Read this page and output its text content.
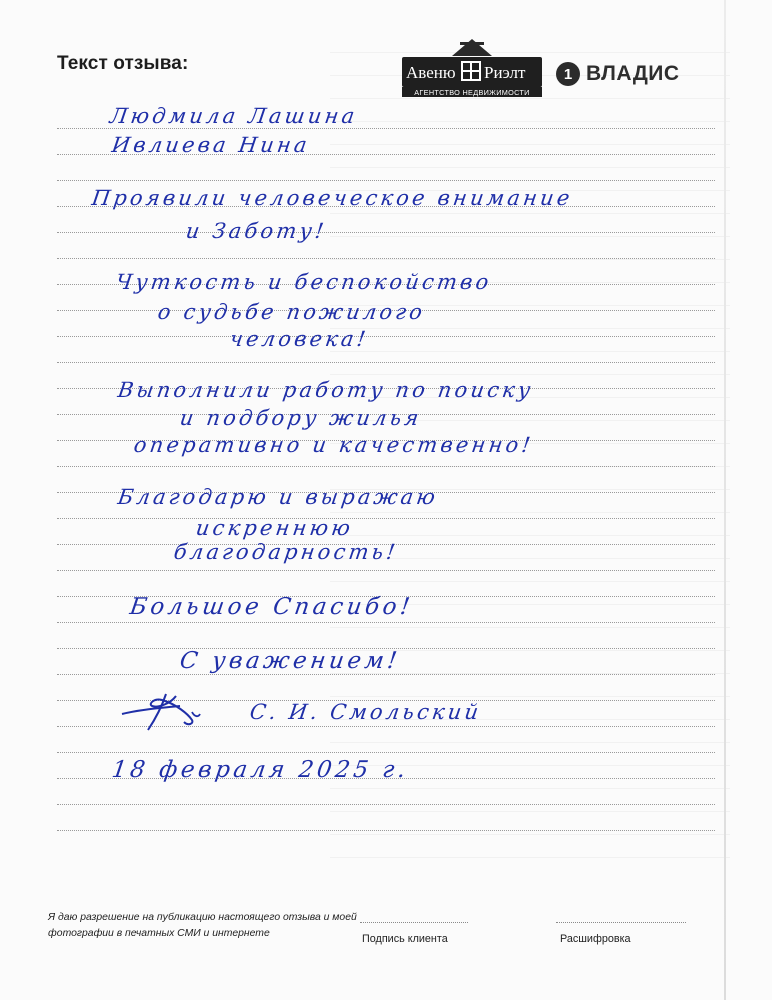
Текст отзыва:	Авеню Риэлт
АГЕНТСТВО НЕДВИЖИМОСТИ
1 ВЛАДИС
Людмила Лашина
Ивлиева Нина
Проявили человеческое внимание
и Заботу!
Чуткость и беспокойство
о судьбе пожилого
человека!
Выполнили работу по поиску
и подбору жилья
оперативно и качественно!
Благодарю и выражаю
искреннюю
благодарность!
Большое Спасибо!
С уважением!
С. И. Смольский
18 февраля 2025 г.
Я даю разрешение на публикацию настоящего отзыва и моей фотографии в печатных СМИ и интернете	Подпись клиента	Расшифровка
